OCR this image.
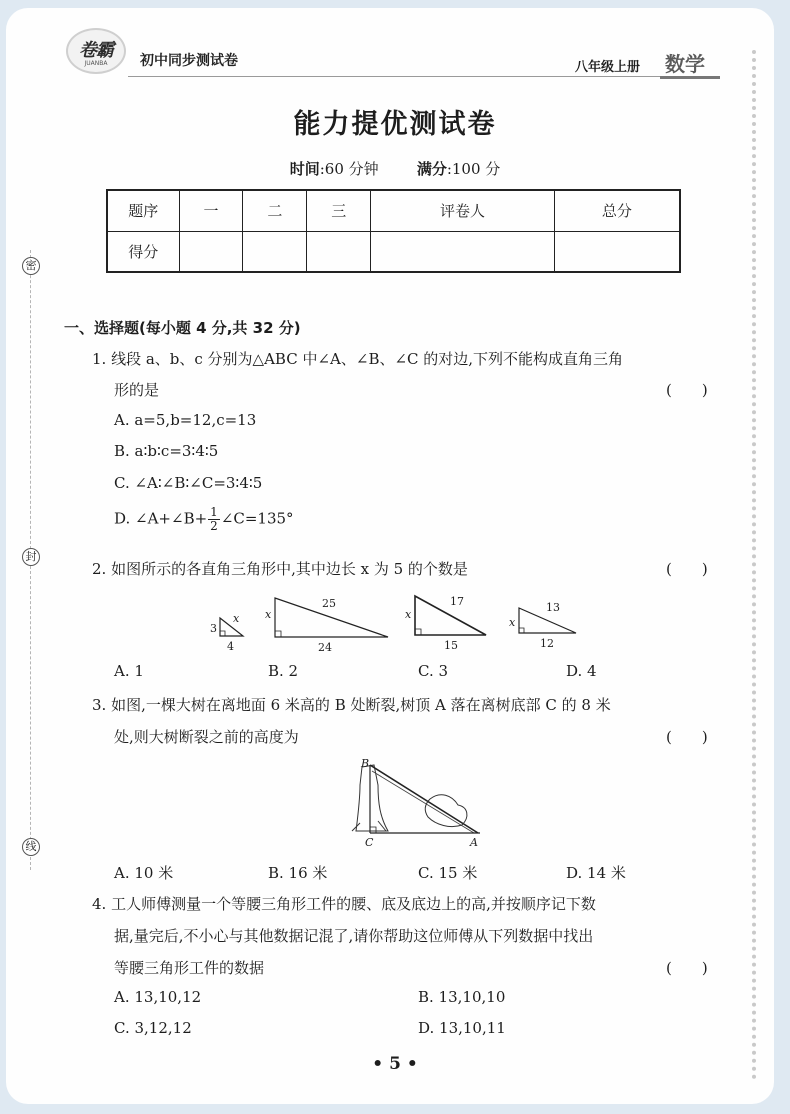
密
封
线
卷霸
JUANBA	初中同步测试卷	八年级上册 数学
能力提优测试卷
时间:60 分钟	满分:100 分
题序	一	二	三	评卷人	总分
得分					
一、选择题(每小题 4 分,共 32 分)
1. 线段 a、b、c 分别为△ABC 中∠A、∠B、∠C 的对边,下列不能构成直角三角
形的是	(　　)
A. a=5,b=12,c=13
B. a∶b∶c=3∶4∶5
C. ∠A∶∠B∶∠C=3∶4∶5
D. ∠A+∠B+ $\frac{1}{2}$ ∠C=135°
2. 如图所示的各直角三角形中,其中边长 x 为 5 的个数是	(　　)
3
x
4
x
25
24
x
17
15
x
13
12
A. 1	B. 2	C. 3	D. 4
3. 如图,一棵大树在离地面 6 米高的 B 处断裂,树顶 A 落在离树底部 C 的 8 米
处,则大树断裂之前的高度为	(　　)
B
C	A
A. 10 米	B. 16 米	C. 15 米	D. 14 米
4. 工人师傅测量一个等腰三角形工件的腰、底及底边上的高,并按顺序记下数
据,量完后,不小心与其他数据记混了,请你帮助这位师傅从下列数据中找出
等腰三角形工件的数据	(　　)
A. 13,10,12	B. 13,10,10
C. 3,12,12	D. 13,10,11
• 5 •
